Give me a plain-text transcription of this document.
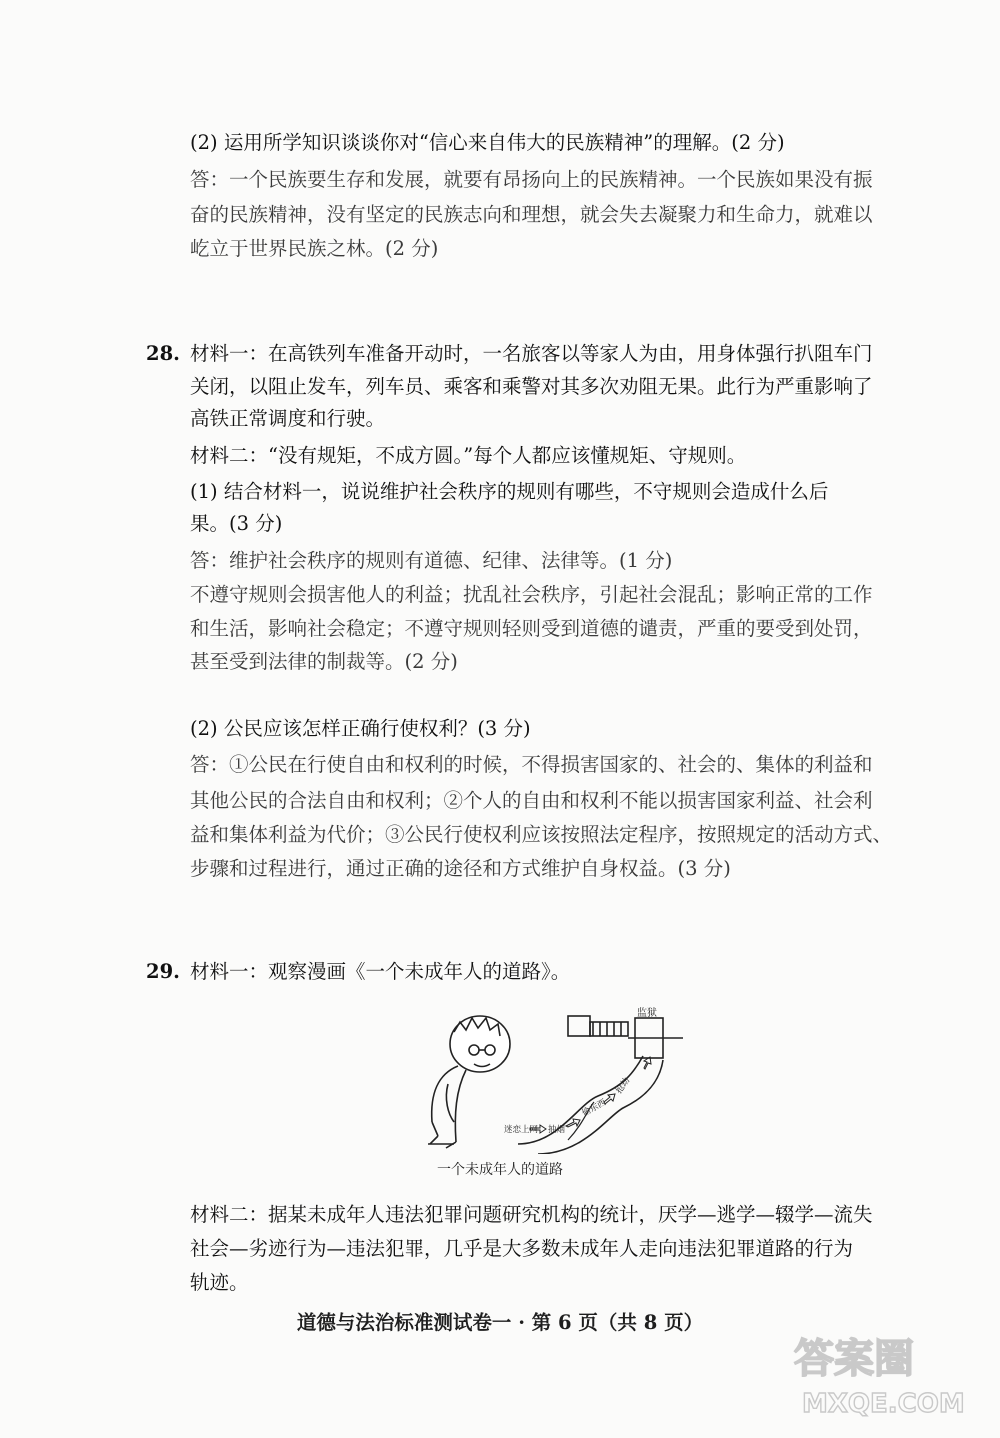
(2) 运用所学知识谈谈你对“信心来自伟大的民族精神”的理解。(2 分)
答：一个民族要生存和发展，就要有昂扬向上的民族精神。一个民族如果没有振
奋的民族精神，没有坚定的民族志向和理想，就会失去凝聚力和生命力，就难以
屹立于世界民族之林。(2 分)
28. 材料一：在高铁列车准备开动时，一名旅客以等家人为由，用身体强行扒阻车门
关闭，以阻止发车，列车员、乘客和乘警对其多次劝阻无果。此行为严重影响了
高铁正常调度和行驶。
材料二：“没有规矩，不成方圆。”每个人都应该懂规矩、守规则。
(1) 结合材料一，说说维护社会秩序的规则有哪些，不守规则会造成什么后
果。(3 分)
答：维护社会秩序的规则有道德、纪律、法律等。(1 分)
不遵守规则会损害他人的利益；扰乱社会秩序，引起社会混乱；影响正常的工作
和生活，影响社会稳定；不遵守规则轻则受到道德的谴责，严重的要受到处罚，
甚至受到法律的制裁等。(2 分)
(2) 公民应该怎样正确行使权利？(3 分)
答：①公民在行使自由和权利的时候，不得损害国家的、社会的、集体的利益和
其他公民的合法自由和权利；②个人的自由和权利不能以损害国家利益、社会利
益和集体利益为代价；③公民行使权利应该按照法定程序，按照规定的活动方式、
步骤和过程进行，通过正确的途径和方式维护自身权益。(3 分)
29. 材料一：观察漫画《一个未成年人的道路》。
监狱
迷恋上网 抽烟
偷东西
抢劫
一个未成年人的道路
材料二：据某未成年人违法犯罪问题研究机构的统计，厌学—逃学—辍学—流失
社会—劣迹行为—违法犯罪，几乎是大多数未成年人走向违法犯罪道路的行为
轨迹。
道德与法治标准测试卷一 · 第 6 页（共 8 页）
答案圈
MXQE.COM
